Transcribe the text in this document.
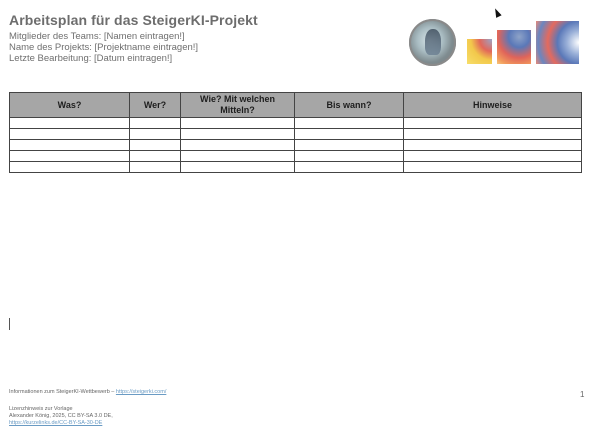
Arbeitsplan für das SteigerKI-Projekt
Mitglieder des Teams: [Namen eintragen!]
Name des Projekts: [Projektname eintragen!]
Letzte Bearbeitung: [Datum eintragen!]
Was?	Wer?	Wie? Mit welchen Mitteln?	Bis wann?	Hinweise

Informationen zum SteigerKI-Wettbewerb – https://steigerki.com/
Lizenzhinweis zur Vorlage
Alexander König, 2025, CC BY-SA 3.0 DE,
https://kurzelinks.de/CC-BY-SA-30-DE
1
